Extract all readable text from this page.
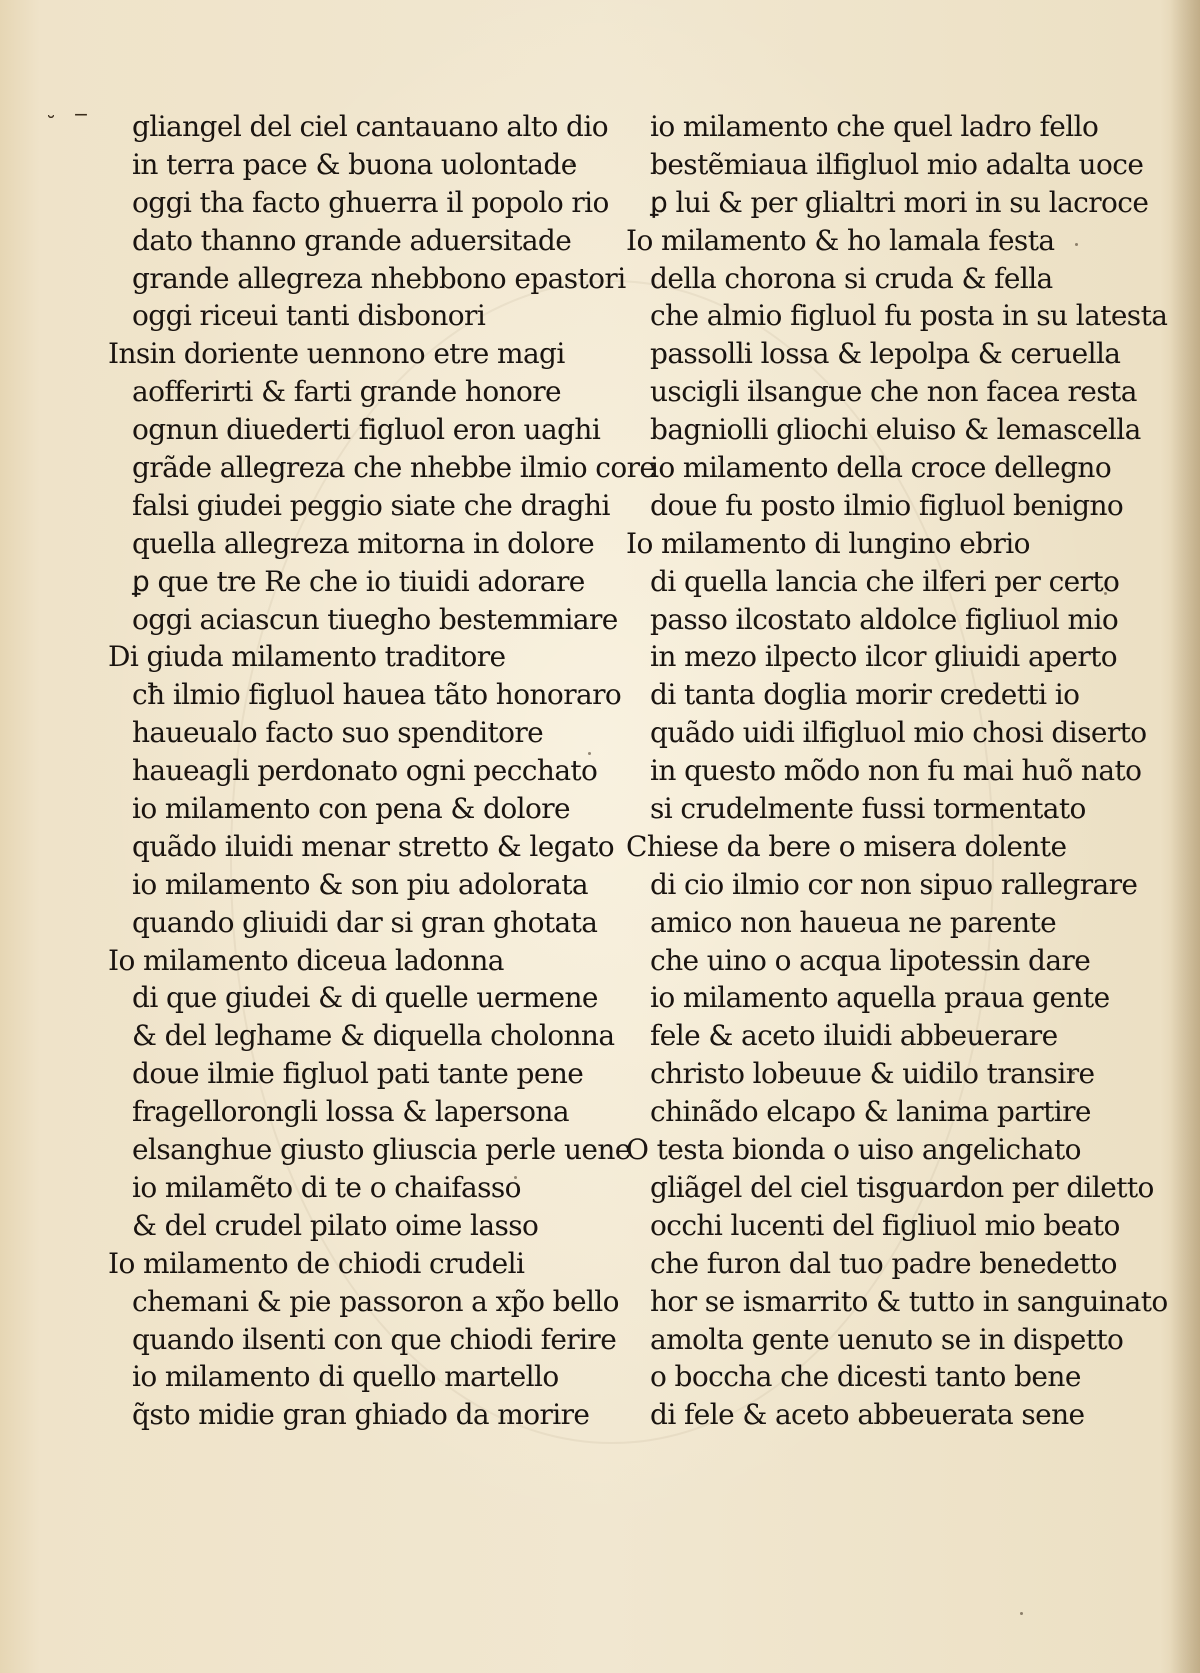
˘ ‒	gliangel del ciel cantauano alto dio
in terra pace & buona uolontade
oggi tha facto ghuerra il popolo rio
dato thanno grande aduersitade
grande allegreza nhebbono epastori
oggi riceui tanti disbonori
Insin doriente uennono etre magi
aofferirti & farti grande honore
ognun diuederti figluol eron uaghi
grãde allegreza che nhebbe ilmio core
falsi giudei peggio siate che draghi
quella allegreza mitorna in dolore
ꝑ que tre Re che io tiuidi adorare
oggi aciascun tiuegho bestemmiare
Di giuda milamento traditore
cħ ilmio figluol hauea tãto honoraro
haueualo facto suo spenditore
haueagli perdonato ogni pecchato
io milamento con pena & dolore
quãdo iluidi menar stretto & legato
io milamento & son piu adolorata
quando gliuidi dar si gran ghotata
Io milamento diceua ladonna
di que giudei & di quelle uermene
& del leghame & diquella cholonna
doue ilmie figluol pati tante pene
fragellorongli lossa & lapersona
elsanghue giusto gliuscia perle uene
io milamẽto di te o chaifasso
& del crudel pilato oime lasso
Io milamento de chiodi crudeli
chemani & pie passoron a xp̃o bello
quando ilsenti con que chiodi ferire
io milamento di quello martello
q̃sto midie gran ghiado da morire
io milamento che quel ladro fello
bestẽmiaua ilfigluol mio adalta uoce
ꝑ lui & per glialtri mori in su lacroce
Io milamento & ho lamala festa
della chorona si cruda & fella
che almio figluol fu posta in su latesta
passolli lossa & lepolpa & ceruella
uscigli ilsangue che non facea resta
bagniolli gliochi eluiso & lemascella
io milamento della croce dellegno
doue fu posto ilmio figluol benigno
Io milamento di lungino ebrio
di quella lancia che ilferi per certo
passo ilcostato aldolce figliuol mio
in mezo ilpecto ilcor gliuidi aperto
di tanta doglia morir credetti io
quãdo uidi ilfigluol mio chosi diserto
in questo mõdo non fu mai huõ nato
si crudelmente fussi tormentato
Chiese da bere o misera dolente
di cio ilmio cor non sipuo rallegrare
amico non haueua ne parente
che uino o acqua lipotessin dare
io milamento aquella praua gente
fele & aceto iluidi abbeuerare
christo lobeuue & uidilo transire
chinãdo elcapo & lanima partire
O testa bionda o uiso angelichato
gliãgel del ciel tisguardon per diletto
occhi lucenti del figliuol mio beato
che furon dal tuo padre benedetto
hor se ismarrito & tutto in sanguinato
amolta gente uenuto se in dispetto
o boccha che dicesti tanto bene
di fele & aceto abbeuerata sene
